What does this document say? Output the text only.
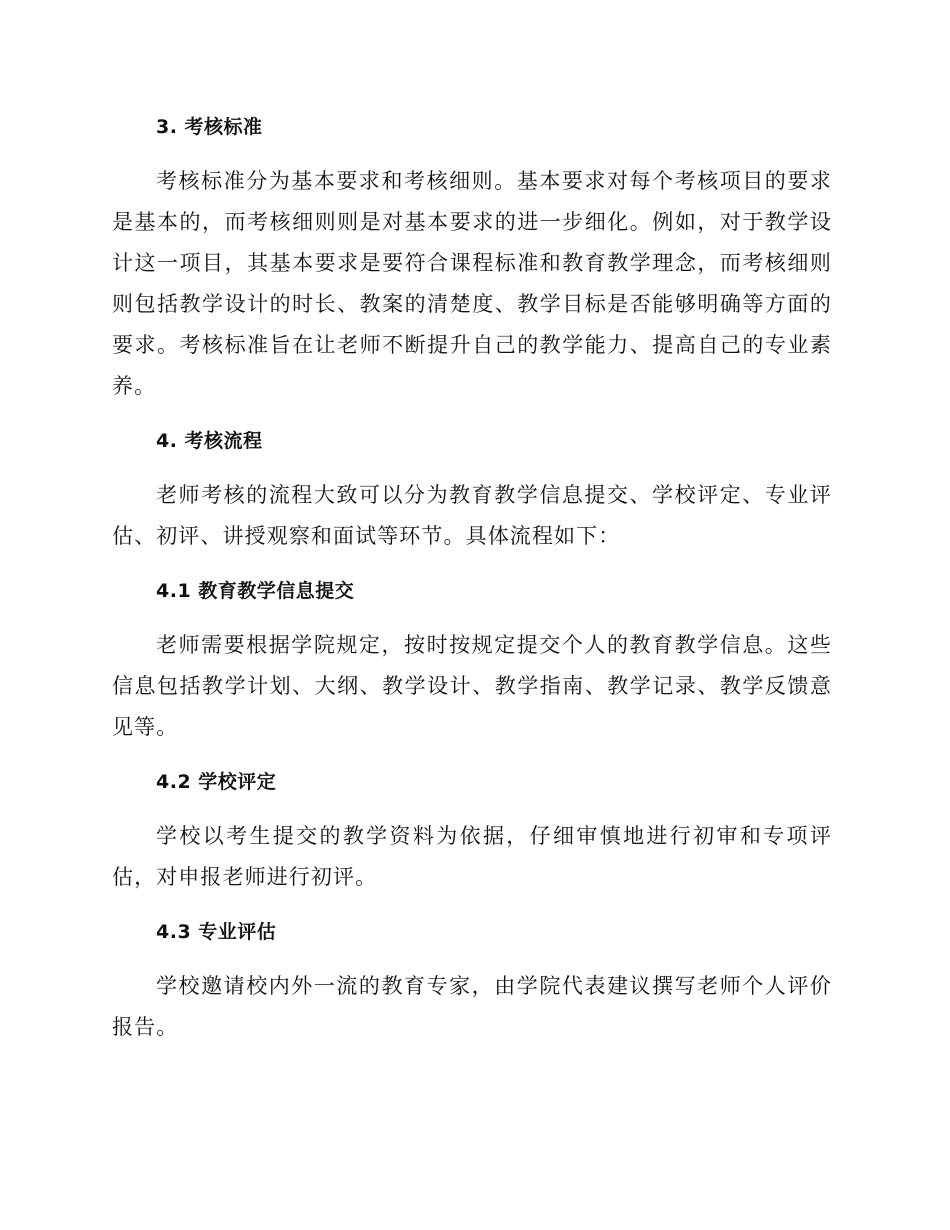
3. 考核标准

考核标准分为基本要求和考核细则。基本要求对每个考核项目的要求是基本的，而考核细则则是对基本要求的进一步细化。例如，对于教学设计这一项目，其基本要求是要符合课程标准和教育教学理念，而考核细则则包括教学设计的时长、教案的清楚度、教学目标是否能够明确等方面的要求。考核标准旨在让老师不断提升自己的教学能力、提高自己的专业素养。

4. 考核流程

老师考核的流程大致可以分为教育教学信息提交、学校评定、专业评估、初评、讲授观察和面试等环节。具体流程如下：

4.1 教育教学信息提交

老师需要根据学院规定，按时按规定提交个人的教育教学信息。这些信息包括教学计划、大纲、教学设计、教学指南、教学记录、教学反馈意见等。

4.2 学校评定

学校以考生提交的教学资料为依据，仔细审慎地进行初审和专项评估，对申报老师进行初评。

4.3 专业评估

学校邀请校内外一流的教育专家，由学院代表建议撰写老师个人评价报告。
